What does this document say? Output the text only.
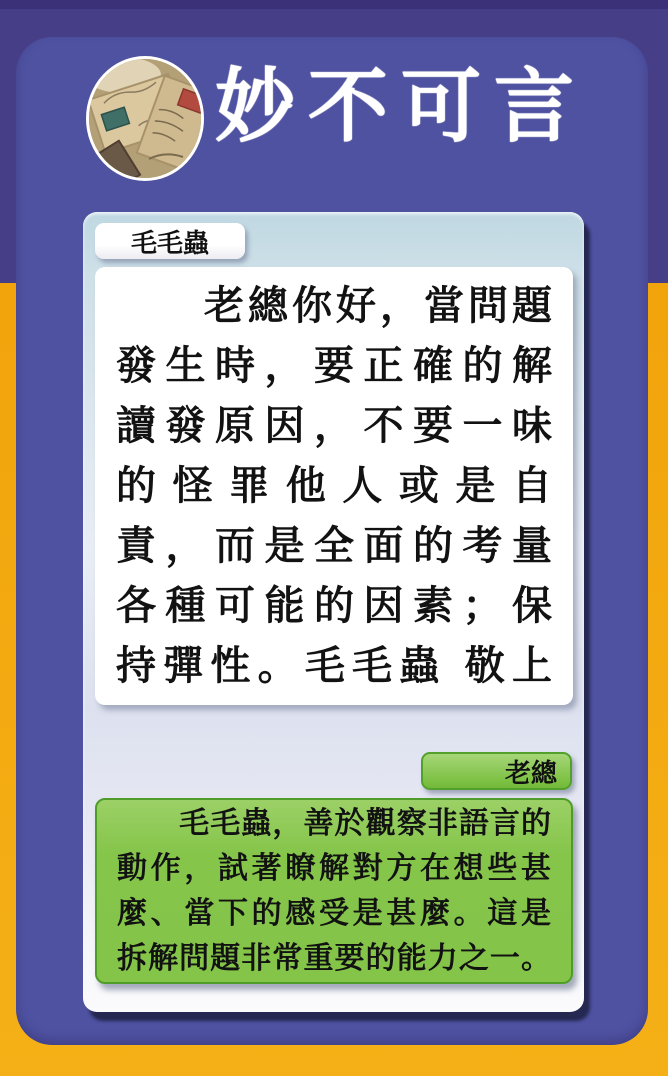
妙不可言
毛毛蟲
　　老總你好，當問題
發生時，要正確的解
讀發原因，不要一味
的怪罪他人或是自
責，而是全面的考量
各種可能的因素；保
持彈性。毛毛蟲 敬上
老總
　　毛毛蟲，善於觀察非語言的
動作，試著瞭解對方在想些甚
麼、當下的感受是甚麼。這是
拆解問題非常重要的能力之一。
